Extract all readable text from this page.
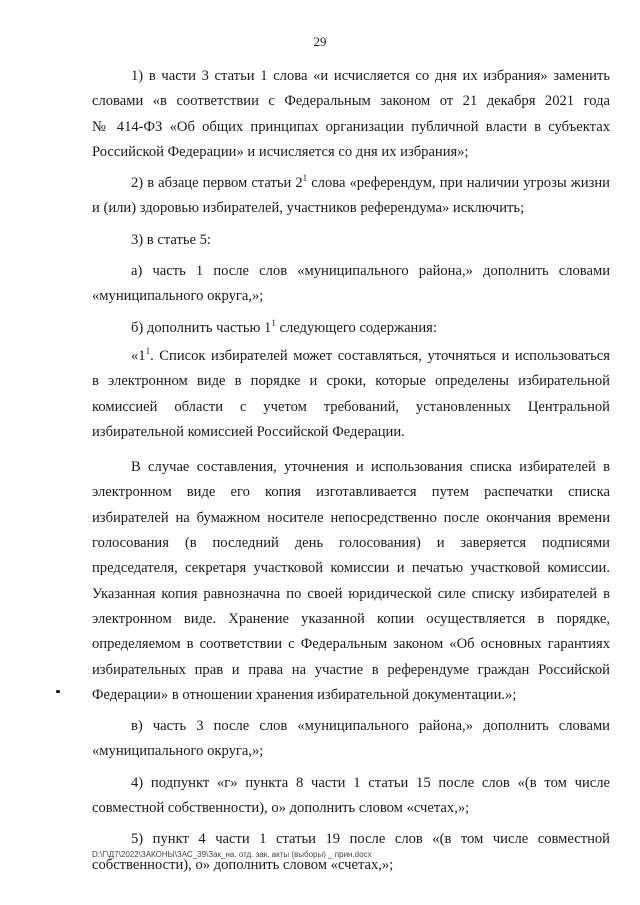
29
1) в части 3 статьи 1 слова «и исчисляется со дня их избрания» заменить
словами «в соответствии с Федеральным законом от 21 декабря 2021 года
№ 414-ФЗ «Об общих принципах организации публичной власти в субъектах
Российской Федерации» и исчисляется со дня их избрания»;
2) в абзаце первом статьи $2^1$ слова «референдум, при наличии угрозы жизни
и (или) здоровью избирателей, участников референдума» исключить;
3) в статье 5:
а) часть 1 после слов «муниципального района,» дополнить словами
«муниципального округа,»;
б) дополнить частью $1^1$ следующего содержания:
«$1^1$. Список избирателей может составляться, уточняться и использоваться
в электронном виде в порядке и сроки, которые определены избирательной
комиссией области с учетом требований, установленных Центральной
избирательной комиссией Российской Федерации.
В случае составления, уточнения и использования списка избирателей в
электронном виде его копия изготавливается путем распечатки списка
избирателей на бумажном носителе непосредственно после окончания времени
голосования (в последний день голосования) и заверяется подписями
председателя, секретаря участковой комиссии и печатью участковой комиссии.
Указанная копия равнозначна по своей юридической силе списку избирателей в
электронном виде. Хранение указанной копии осуществляется в порядке,
определяемом в соответствии с Федеральным законом «Об основных гарантиях
избирательных прав и права на участие в референдуме граждан Российской
Федерации» в отношении хранения избирательной документации.»;
в) часть 3 после слов «муниципального района,» дополнить словами
«муниципального округа,»;
4) подпункт «г» пункта 8 части 1 статьи 15 после слов «(в том числе
совместной собственности), о» дополнить словом «счетах,»;
5) пункт 4 части 1 статьи 19 после слов «(в том числе совместной
собственности), о» дополнить словом «счетах,»;
D:\Г\Д7\2022\ЗАКОНЫ\ЗАС_39\Зак_на. отд. зак. акты (выборы) _ прин.docx
